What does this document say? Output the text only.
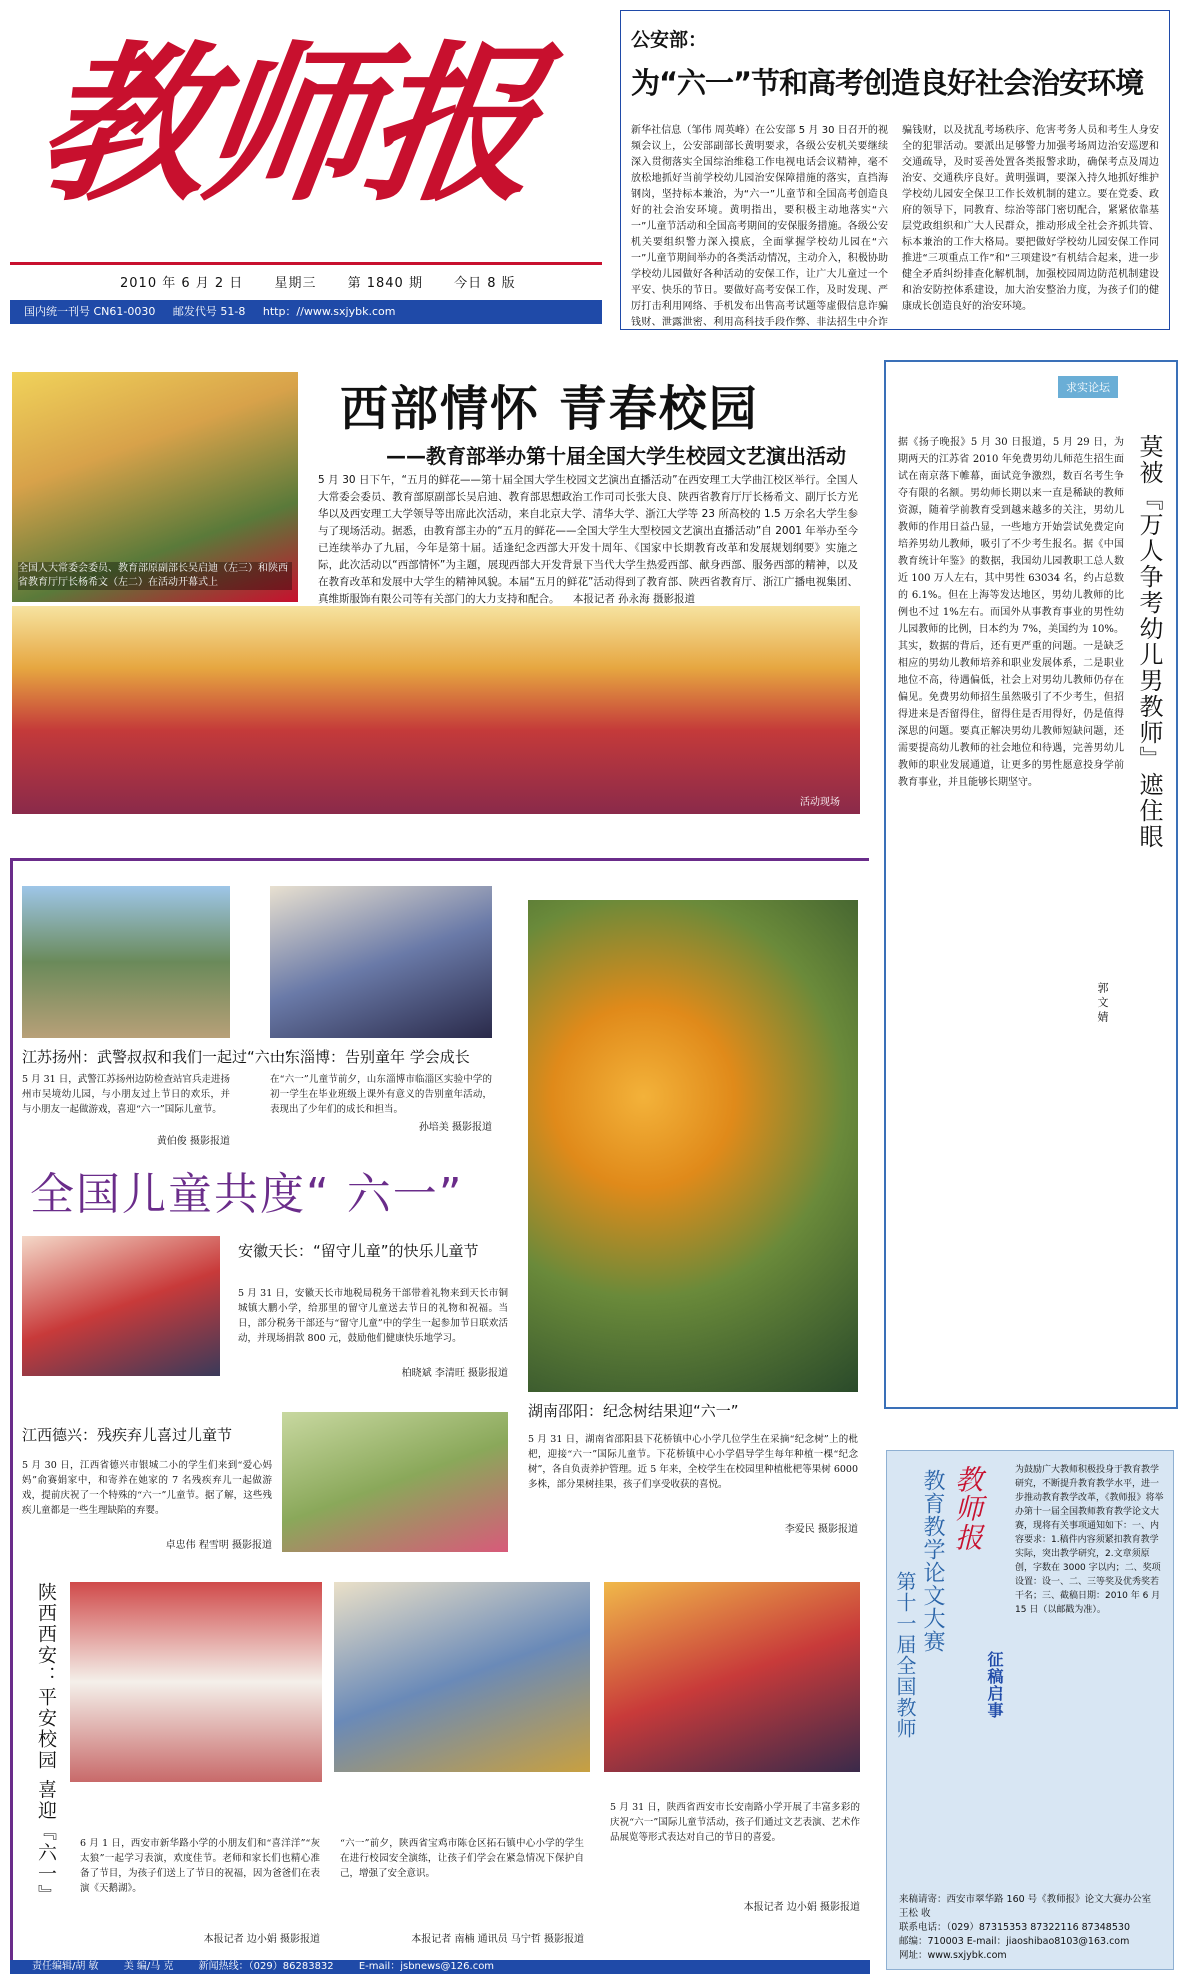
教师报
2010 年 6 月 2 日 星期三 第 1840 期 今日 8 版
国内统一刊号 CN61-0030 邮发代号 51-8 http：//www.sxjybk.com
公安部：
为“六一”节和高考创造良好社会治安环境
新华社信息（邹伟 周英峰）在公安部 5 月 30 日召开的视频会议上，公安部副部长黄明要求，各级公安机关要继续深入贯彻落实全国综治维稳工作电视电话会议精神，毫不放松地抓好当前学校幼儿园治安保障措施的落实，直挡海钢岗，坚持标本兼治，为“六一”儿童节和全国高考创造良好的社会治安环境。黄明指出，要积极主动地落实“六一”儿童节活动和全国高考期间的安保服务措施。各级公安机关要组织警力深入摸底，全面掌握学校幼儿园在“六一”儿童节期间举办的各类活动情况，主动介入，积极协助学校幼儿园做好各种活动的安保工作，让广大儿童过一个平安、快乐的节日。要做好高考安保工作，及时发现、严厉打击利用网络、手机发布出售高考试题等虚假信息诈骗钱财、泄露泄密、利用高科技手段作弊、非法招生中介诈骗钱财，以及扰乱考场秩序、危害考务人员和考生人身安全的犯罪活动。要派出足够警力加强考场周边治安巡逻和交通疏导，及时妥善处置各类报警求助，确保考点及周边治安、交通秩序良好。黄明强调，要深入持久地抓好维护学校幼儿园安全保卫工作长效机制的建立。要在党委、政府的领导下，同教育、综治等部门密切配合，紧紧依靠基层党政组织和广大人民群众，推动形成全社会齐抓共管、标本兼治的工作大格局。要把做好学校幼儿园安保工作同推进“三项重点工作”和“三项建设”有机结合起来，进一步健全矛盾纠纷排查化解机制，加强校园周边防范机制建设和治安防控体系建设，加大治安整治力度，为孩子们的健康成长创造良好的治安环境。
全国人大常委会委员、教育部原副部长吴启迪（左三）和陕西省教育厅厅长杨希文（左二）在活动开幕式上
西部情怀 青春校园
——教育部举办第十届全国大学生校园文艺演出活动
5 月 30 日下午，“五月的鲜花——第十届全国大学生校园文艺演出直播活动”在西安理工大学曲江校区举行。全国人大常委会委员、教育部原副部长吴启迪、教育部思想政治工作司司长张大良、陕西省教育厅厅长杨希文、副厅长方光华以及西安理工大学领导等出席此次活动，来自北京大学、清华大学、浙江大学等 23 所高校的 1.5 万余名大学生参与了现场活动。据悉，由教育部主办的“五月的鲜花——全国大学生大型校园文艺演出直播活动”自 2001 年举办至今已连续举办了九届，今年是第十届。适逢纪念西部大开发十周年、《国家中长期教育改革和发展规划纲要》实施之际，此次活动以“西部情怀”为主题，展现西部大开发背景下当代大学生热爱西部、献身西部、服务西部的精神，以及在教育改革和发展中大学生的精神风貌。本届“五月的鲜花”活动得到了教育部、陕西省教育厅、浙江广播电视集团、真维斯服饰有限公司等有关部门的大力支持和配合。 本报记者 孙永海 摄影报道
活动现场
求实论坛
据《扬子晚报》5 月 30 日报道，5 月 29 日，为期两天的江苏省 2010 年免费男幼儿师范生招生面试在南京落下帷幕，面试竞争激烈，数百名考生争夺有限的名额。男幼师长期以来一直是稀缺的教师资源，随着学前教育受到越来越多的关注，男幼儿教师的作用日益凸显，一些地方开始尝试免费定向培养男幼儿教师，吸引了不少考生报名。据《中国教育统计年鉴》的数据，我国幼儿园教职工总人数近 100 万人左右，其中男性 63034 名，约占总数的 6.1%。但在上海等发达地区，男幼儿教师的比例也不过 1%左右。而国外从事教育事业的男性幼儿园教师的比例，日本约为 7%，美国约为 10%。其实，数据的背后，还有更严重的问题。一是缺乏相应的男幼儿教师培养和职业发展体系，二是职业地位不高，待遇偏低，社会上对男幼儿教师仍存在偏见。免费男幼师招生虽然吸引了不少考生，但招得进来是否留得住，留得住是否用得好，仍是值得深思的问题。要真正解决男幼儿教师短缺问题，还需要提高幼儿教师的社会地位和待遇，完善男幼儿教师的职业发展通道，让更多的男性愿意投身学前教育事业，并且能够长期坚守。
郭 文 婧
莫被『万人争考幼儿男教师』遮住眼
江苏扬州：武警叔叔和我们一起过“六一”
5 月 31 日，武警江苏扬州边防检查站官兵走进扬州市吴境幼儿园，与小朋友过上节日的欢乐，并与小朋友一起做游戏，喜迎“六一”国际儿童节。
黄伯俊 摄影报道
山东淄博：告别童年 学会成长
在“六一”儿童节前夕，山东淄博市临淄区实验中学的初一学生在毕业班级上课外有意义的告别童年活动，表现出了少年们的成长和担当。
孙培美 摄影报道
湖南邵阳：纪念树结果迎“六一”
5 月 31 日，湖南省邵阳县下花桥镇中心小学几位学生在采摘“纪念树”上的枇杷，迎接“六一”国际儿童节。下花桥镇中心小学倡导学生每年种植一棵“纪念树”，各自负责养护管理。近 5 年来，全校学生在校园里种植枇杷等果树 6000 多株，部分果树挂果，孩子们享受收获的喜悦。
李爱民 摄影报道
全国儿童共度“ 六一”
安徽天长：“留守儿童”的快乐儿童节
5 月 31 日，安徽天长市地税局税务干部带着礼物来到天长市铜城镇大鹏小学，给那里的留守儿童送去节日的礼物和祝福。当日，部分税务干部还与“留守儿童”中的学生一起参加节日联欢活动，并现场捐款 800 元，鼓励他们健康快乐地学习。
柏晓斌 李清旺 摄影报道
江西德兴：残疾弃儿喜过儿童节
5 月 30 日，江西省德兴市银城二小的学生们来到“爱心妈妈”俞赛娟家中，和寄养在她家的 7 名残疾弃儿一起做游戏，提前庆祝了一个特殊的“六一”儿童节。据了解，这些残疾儿童都是一些生理缺陷的弃婴。
卓忠伟 程雪明 摄影报道
陕西西安：平安校园 喜迎『六一』	6 月 1 日，西安市新华路小学的小朋友们和“喜洋洋”“灰太狼”一起学习表演，欢度佳节。老师和家长们也精心准备了节目，为孩子们送上了节日的祝福，因为爸爸们在表演《天鹅湖》。
本报记者 边小娟 摄影报道
“六一”前夕，陕西省宝鸡市陈仓区拓石镇中心小学的学生在进行校园安全演练，让孩子们学会在紧急情况下保护自己，增强了安全意识。
本报记者 南楠 通讯员 马宁哲 摄影报道
5 月 31 日，陕西省西安市长安南路小学开展了丰富多彩的庆祝“六一”国际儿童节活动，孩子们通过文艺表演、艺术作品展览等形式表达对自己的节日的喜爱。
本报记者 边小娟 摄影报道
教师报
教育教学论文大赛
第十一届全国教师	征稿启事
为鼓励广大教师积极投身于教育教学研究，不断提升教育教学水平，进一步推动教育教学改革，《教师报》将举办第十一届全国教师教育教学论文大赛，现将有关事项通知如下：一、内容要求：1.稿件内容须紧扣教育教学实际，突出教学研究，2.文章须原创，字数在 3000 字以内；二、奖项设置：设一、二、三等奖及优秀奖若干名；三、截稿日期：2010 年 6 月 15 日（以邮戳为准）。
来稿请寄：西安市翠华路 160 号《教师报》论文大赛办公室 王松 收
联系电话：（029）87315353 87322116 87348530
邮编：710003 E-mail：jiaoshibao8103@163.com
网址：www.sxjybk.com
责任编辑/胡 敏	美 编/马 克	新闻热线：（029）86283832	E-mail：jsbnews@126.com
